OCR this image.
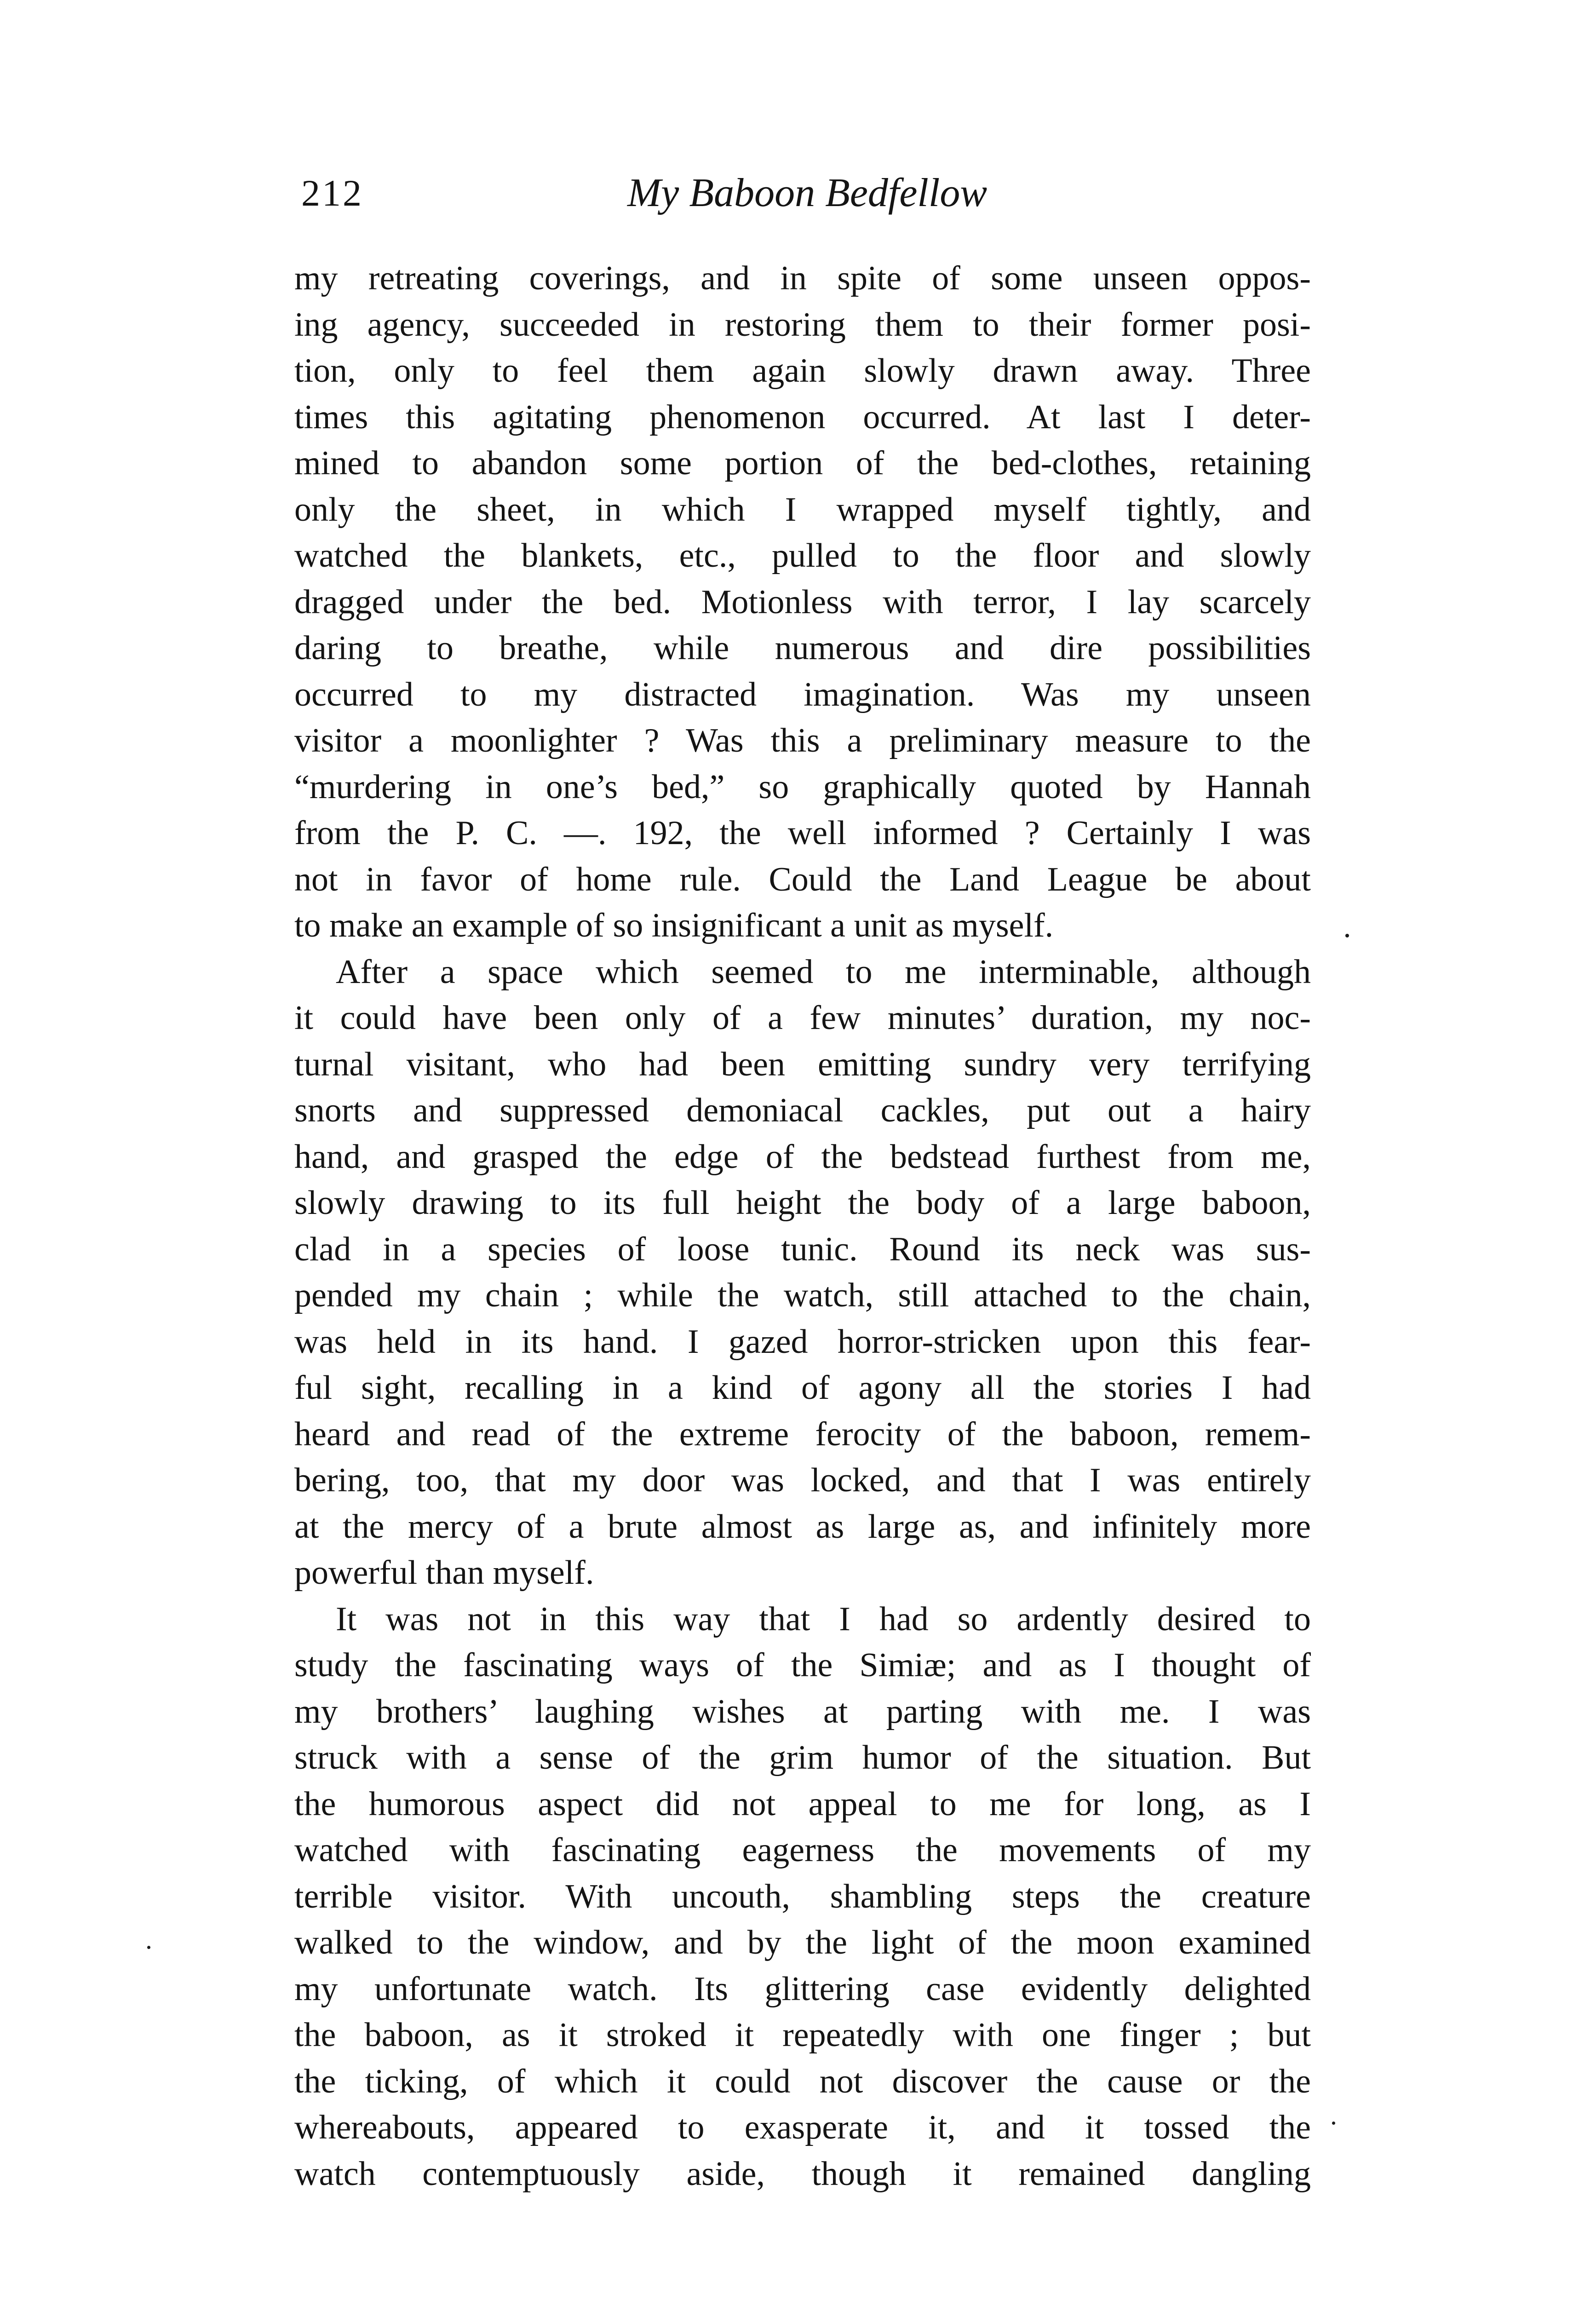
212	My Baboon Bedfellow
my retreating coverings, and in spite of some unseen oppos-
ing agency, succeeded in restoring them to their former posi-
tion, only to feel them again slowly drawn away. Three
times this agitating phenomenon occurred. At last I deter-
mined to abandon some portion of the bed-clothes, retaining
only the sheet, in which I wrapped myself tightly, and
watched the blankets, etc., pulled to the floor and slowly
dragged under the bed. Motionless with terror, I lay scarcely
daring to breathe, while numerous and dire possibilities
occurred to my distracted imagination. Was my unseen
visitor a moonlighter ? Was this a preliminary measure to the
“murdering in one’s bed,” so graphically quoted by Hannah
from the P. C. —. 192, the well informed ? Certainly I was
not in favor of home rule. Could the Land League be about
to make an example of so insignificant a unit as myself.
After a space which seemed to me interminable, although
it could have been only of a few minutes’ duration, my noc-
turnal visitant, who had been emitting sundry very terrifying
snorts and suppressed demoniacal cackles, put out a hairy
hand, and grasped the edge of the bedstead furthest from me,
slowly drawing to its full height the body of a large baboon,
clad in a species of loose tunic. Round its neck was sus-
pended my chain ; while the watch, still attached to the chain,
was held in its hand. I gazed horror-stricken upon this fear-
ful sight, recalling in a kind of agony all the stories I had
heard and read of the extreme ferocity of the baboon, remem-
bering, too, that my door was locked, and that I was entirely
at the mercy of a brute almost as large as, and infinitely more
powerful than myself.
It was not in this way that I had so ardently desired to
study the fascinating ways of the Simiæ; and as I thought of
my brothers’ laughing wishes at parting with me. I was
struck with a sense of the grim humor of the situation. But
the humorous aspect did not appeal to me for long, as I
watched with fascinating eagerness the movements of my
terrible visitor. With uncouth, shambling steps the creature
walked to the window, and by the light of the moon examined
my unfortunate watch. Its glittering case evidently delighted
the baboon, as it stroked it repeatedly with one finger ; but
the ticking, of which it could not discover the cause or the
whereabouts, appeared to exasperate it, and it tossed the
watch contemptuously aside, though it remained dangling
